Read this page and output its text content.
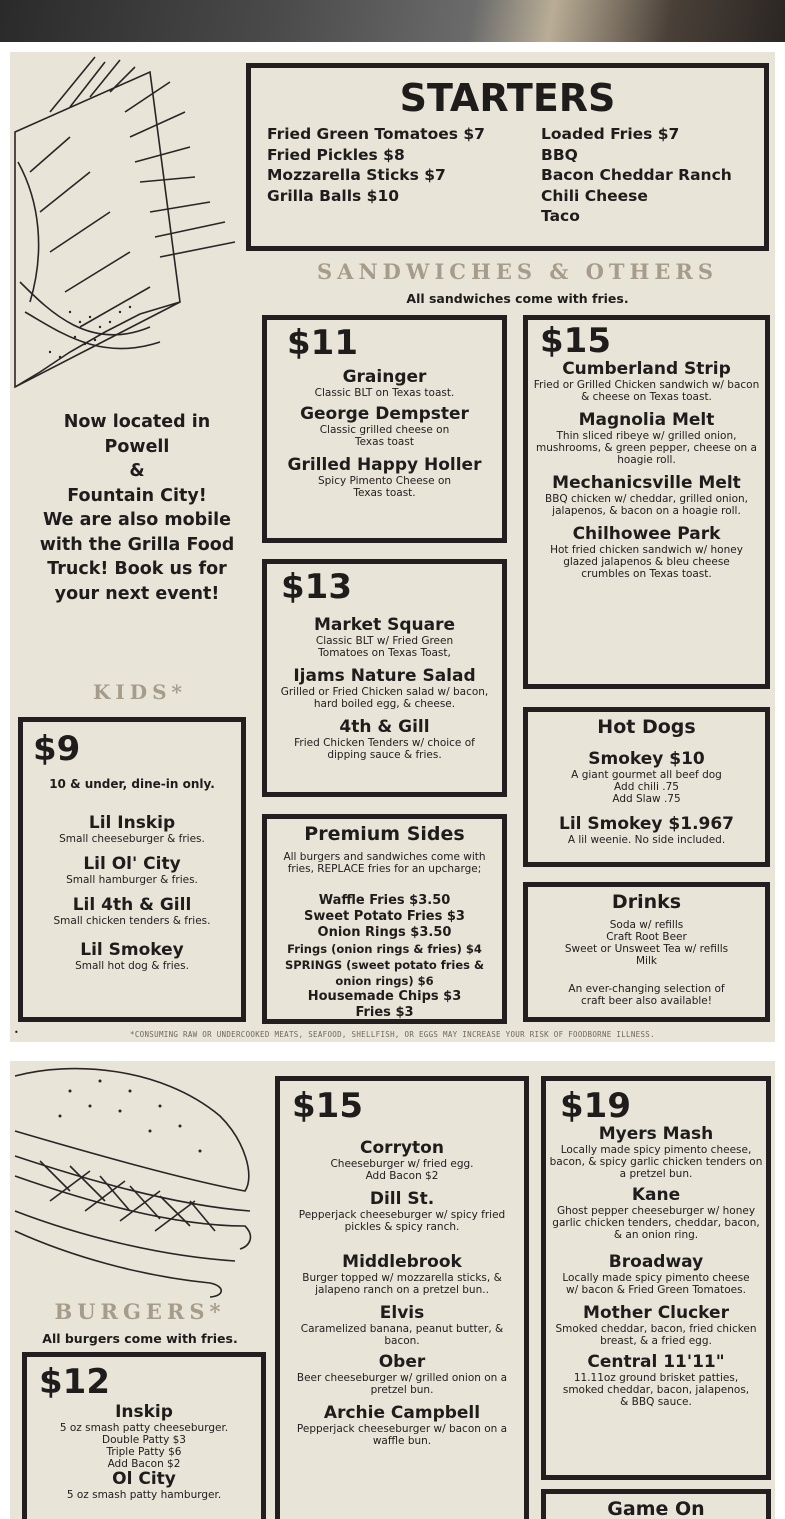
STARTERS
Fried Green Tomatoes $7
Fried Pickles $8
Mozzarella Sticks $7
Grilla Balls $10
Loaded Fries $7
BBQ
Bacon Cheddar Ranch
Chili Cheese
Taco
SANDWICHES & OTHERS
All sandwiches come with fries.
$11
Grainger
Classic BLT on Texas toast.
George Dempster
Classic grilled cheese on Texas toast
Grilled Happy Holler
Spicy Pimento Cheese on Texas toast.
$15
Cumberland Strip
Fried or Grilled Chicken sandwich w/ bacon & cheese on Texas toast.
Magnolia Melt
Thin sliced ribeye w/ grilled onion, mushrooms, & green pepper, cheese on a hoagie roll.
Mechanicsville Melt
BBQ chicken w/ cheddar, grilled onion, jalapenos, & bacon on a hoagie roll.
Chilhowee Park
Hot fried chicken sandwich w/ honey glazed jalapenos & bleu cheese crumbles on Texas toast.
Now located in
Powell
&
Fountain City!
We are also mobile
with the Grilla Food
Truck! Book us for
your next event!	$13
Market Square
Classic BLT w/ Fried Green Tomatoes on Texas Toast,
Ijams Nature Salad
Grilled or Fried Chicken salad w/ bacon, hard boiled egg, & cheese.
4th & Gill
Fried Chicken Tenders w/ choice of dipping sauce & fries.
KIDS*
Hot Dogs
Smokey $10
A giant gourmet all beef dog
Add chili .75
Add Slaw .75
Lil Smokey $1.967
A lil weenie. No side included.
$9
10 & under, dine-in only.
Lil Inskip
Small cheeseburger & fries.
Lil Ol' City
Small hamburger & fries.
Lil 4th & Gill
Small chicken tenders & fries.
Lil Smokey
Small hot dog & fries.
Premium Sides
All burgers and sandwiches come with fries, REPLACE fries for an upcharge;
Waffle Fries $3.50
Sweet Potato Fries $3
Onion Rings $3.50
Frings (onion rings & fries) $4
SPRINGS (sweet potato fries & onion rings) $6
Housemade Chips $3
Fries $3
Drinks
Soda w/ refills
Craft Root Beer
Sweet or Unsweet Tea w/ refills
Milk
An ever-changing selection of craft beer also available!
•	*CONSUMING RAW OR UNDERCOOKED MEATS, SEAFOOD, SHELLFISH, OR EGGS MAY INCREASE YOUR RISK OF FOODBORNE ILLNESS.
BURGERS*
All burgers come with fries.
$12
Inskip
5 oz smash patty cheeseburger.
Double Patty $3
Triple Patty $6
Add Bacon $2
Ol City
5 oz smash patty hamburger.
$15
Corryton
Cheeseburger w/ fried egg.
Add Bacon $2
Dill St.
Pepperjack cheeseburger w/ spicy fried pickles & spicy ranch.
Middlebrook
Burger topped w/ mozzarella sticks, & jalapeno ranch on a pretzel bun..
Elvis
Caramelized banana, peanut butter, & bacon.
Ober
Beer cheeseburger w/ grilled onion on a pretzel bun.
Archie Campbell
Pepperjack cheeseburger w/ bacon on a waffle bun.
$19
Myers Mash
Locally made spicy pimento cheese, bacon, & spicy garlic chicken tenders on a pretzel bun.
Kane
Ghost pepper cheeseburger w/ honey garlic chicken tenders, cheddar, bacon, & an onion ring.
Broadway
Locally made spicy pimento cheese w/ bacon & Fried Green Tomatoes.
Mother Clucker
Smoked cheddar, bacon, fried chicken breast, & a fried egg.
Central 11'11"
11.11oz ground brisket patties, smoked cheddar, bacon, jalapenos, & BBQ sauce.
Game On
